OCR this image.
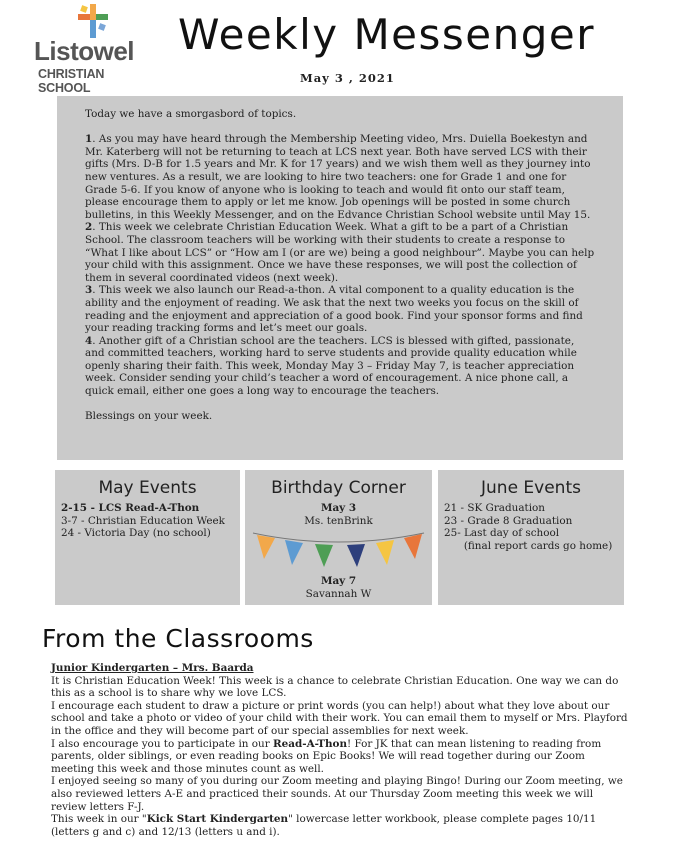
Listowel
CHRISTIAN SCHOOL
Weekly Messenger
May 3 , 2021

Today we have a smorgasbord of topics.

1. As you may have heard through the Membership Meeting video, Mrs. Duiella Boekestyn and Mr. Katerberg will not be returning to teach at LCS next year. Both have served LCS with their gifts (Mrs. D-B for 1.5 years and Mr. K for 17 years) and we wish them well as they journey into new ventures. As a result, we are looking to hire two teachers: one for Grade 1 and one for Grade 5-6. If you know of anyone who is looking to teach and would fit onto our staff team, please encourage them to apply or let me know. Job openings will be posted in some church bulletins, in this Weekly Messenger, and on the Edvance Christian School website until May 15.

2. This week we celebrate Christian Education Week. What a gift to be a part of a Christian School. The classroom teachers will be working with their students to create a response to “What I like about LCS” or “How am I (or are we) being a good neighbour”. Maybe you can help your child with this assignment. Once we have these responses, we will post the collection of them in several coordinated videos (next week).

3. This week we also launch our Read-a-thon. A vital component to a quality education is the ability and the enjoyment of reading. We ask that the next two weeks you focus on the skill of reading and the enjoyment and appreciation of a good book. Find your sponsor forms and find your reading tracking forms and let’s meet our goals.

4. Another gift of a Christian school are the teachers. LCS is blessed with gifted, passionate, and committed teachers, working hard to serve students and provide quality education while openly sharing their faith. This week, Monday May 3 – Friday May 7, is teacher appreciation week. Consider sending your child’s teacher a word of encouragement. A nice phone call, a quick email, either one goes a long way to encourage the teachers.

Blessings on your week.

May Events
2-15 - LCS Read-A-Thon
3-7 - Christian Education Week
24 - Victoria Day (no school)
Birthday Corner
May 3
Ms. tenBrink
May 7
Savannah W
June Events
21 - SK Graduation
23 - Grade 8 Graduation
25- Last day of school
(final report cards go home)
From the Classrooms

Junior Kindergarten – Mrs. Baarda

It is Christian Education Week! This week is a chance to celebrate Christian Education. One way we can do this as a school is to share why we love LCS.

I encourage each student to draw a picture or print words (you can help!) about what they love about our school and take a photo or video of your child with their work. You can email them to myself or Mrs. Playford in the office and they will become part of our special assemblies for next week.

I also encourage you to participate in our Read-A-Thon! For JK that can mean listening to reading from parents, older siblings, or even reading books on Epic Books! We will read together during our Zoom meeting this week and those minutes count as well.

I enjoyed seeing so many of you during our Zoom meeting and playing Bingo! During our Zoom meeting, we also reviewed letters A-E and practiced their sounds. At our Thursday Zoom meeting this week we will review letters F-J.

This week in our "Kick Start Kindergarten" lowercase letter workbook, please complete pages 10/11 (letters g and c) and 12/13 (letters u and i).
